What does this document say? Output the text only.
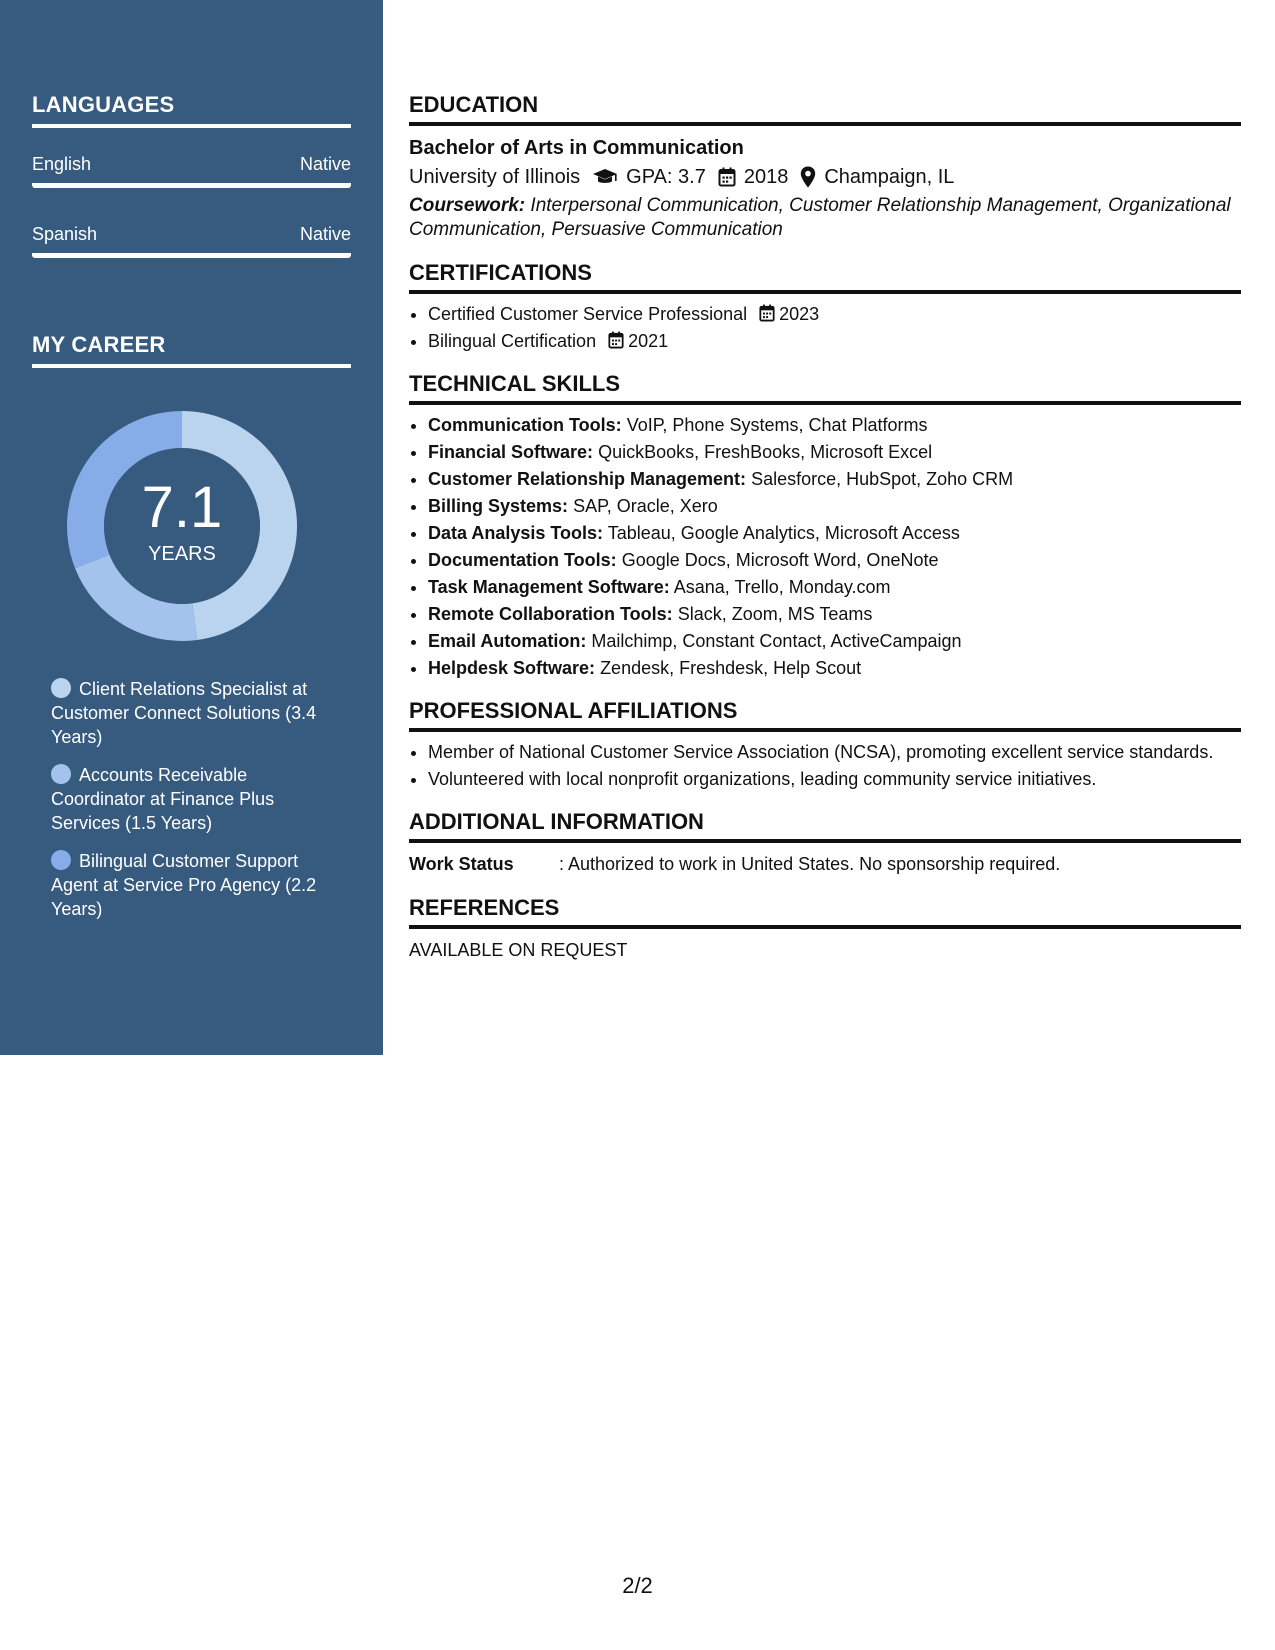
LANGUAGES
English	Native
Spanish	Native
MY CAREER
7.1
YEARS
Client Relations Specialist at Customer Connect Solutions (3.4 Years)
Accounts Receivable Coordinator at Finance Plus Services (1.5 Years)
Bilingual Customer Support Agent at Service Pro Agency (2.2 Years)
EDUCATION
Bachelor of Arts in Communication
University of Illinois GPA: 3.7 2018 Champaign, IL
Coursework: Interpersonal Communication, Customer Relationship Management, Organizational Communication, Persuasive Communication
CERTIFICATIONS
• Certified Customer Service Professional 2023
• Bilingual Certification 2021
TECHNICAL SKILLS
• Communication Tools: VoIP, Phone Systems, Chat Platforms
• Financial Software: QuickBooks, FreshBooks, Microsoft Excel
• Customer Relationship Management: Salesforce, HubSpot, Zoho CRM
• Billing Systems: SAP, Oracle, Xero
• Data Analysis Tools: Tableau, Google Analytics, Microsoft Access
• Documentation Tools: Google Docs, Microsoft Word, OneNote
• Task Management Software: Asana, Trello, Monday.com
• Remote Collaboration Tools: Slack, Zoom, MS Teams
• Email Automation: Mailchimp, Constant Contact, ActiveCampaign
• Helpdesk Software: Zendesk, Freshdesk, Help Scout
PROFESSIONAL AFFILIATIONS
• Member of National Customer Service Association (NCSA), promoting excellent service standards.
• Volunteered with local nonprofit organizations, leading community service initiatives.
ADDITIONAL INFORMATION
Work Status	: Authorized to work in United States. No sponsorship required.
REFERENCES
AVAILABLE ON REQUEST
2/2
